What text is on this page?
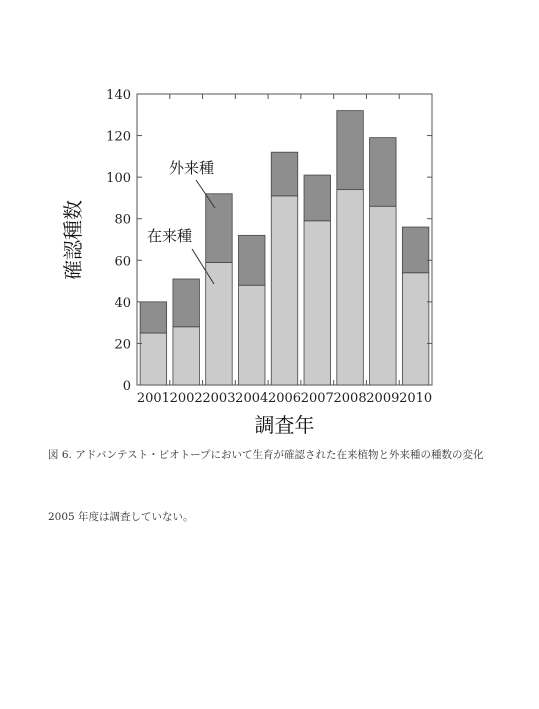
0
20
40
60
80
100
120
140
2001 2002 2003 2004 2006 2007 2008 2009 2010
外来種
在来種
調査年
確認種数
図 6. アドバンテスト・ビオトープにおいて生育が確認された在来植物と外来種の種数の変化
2005 年度は調査していない。
